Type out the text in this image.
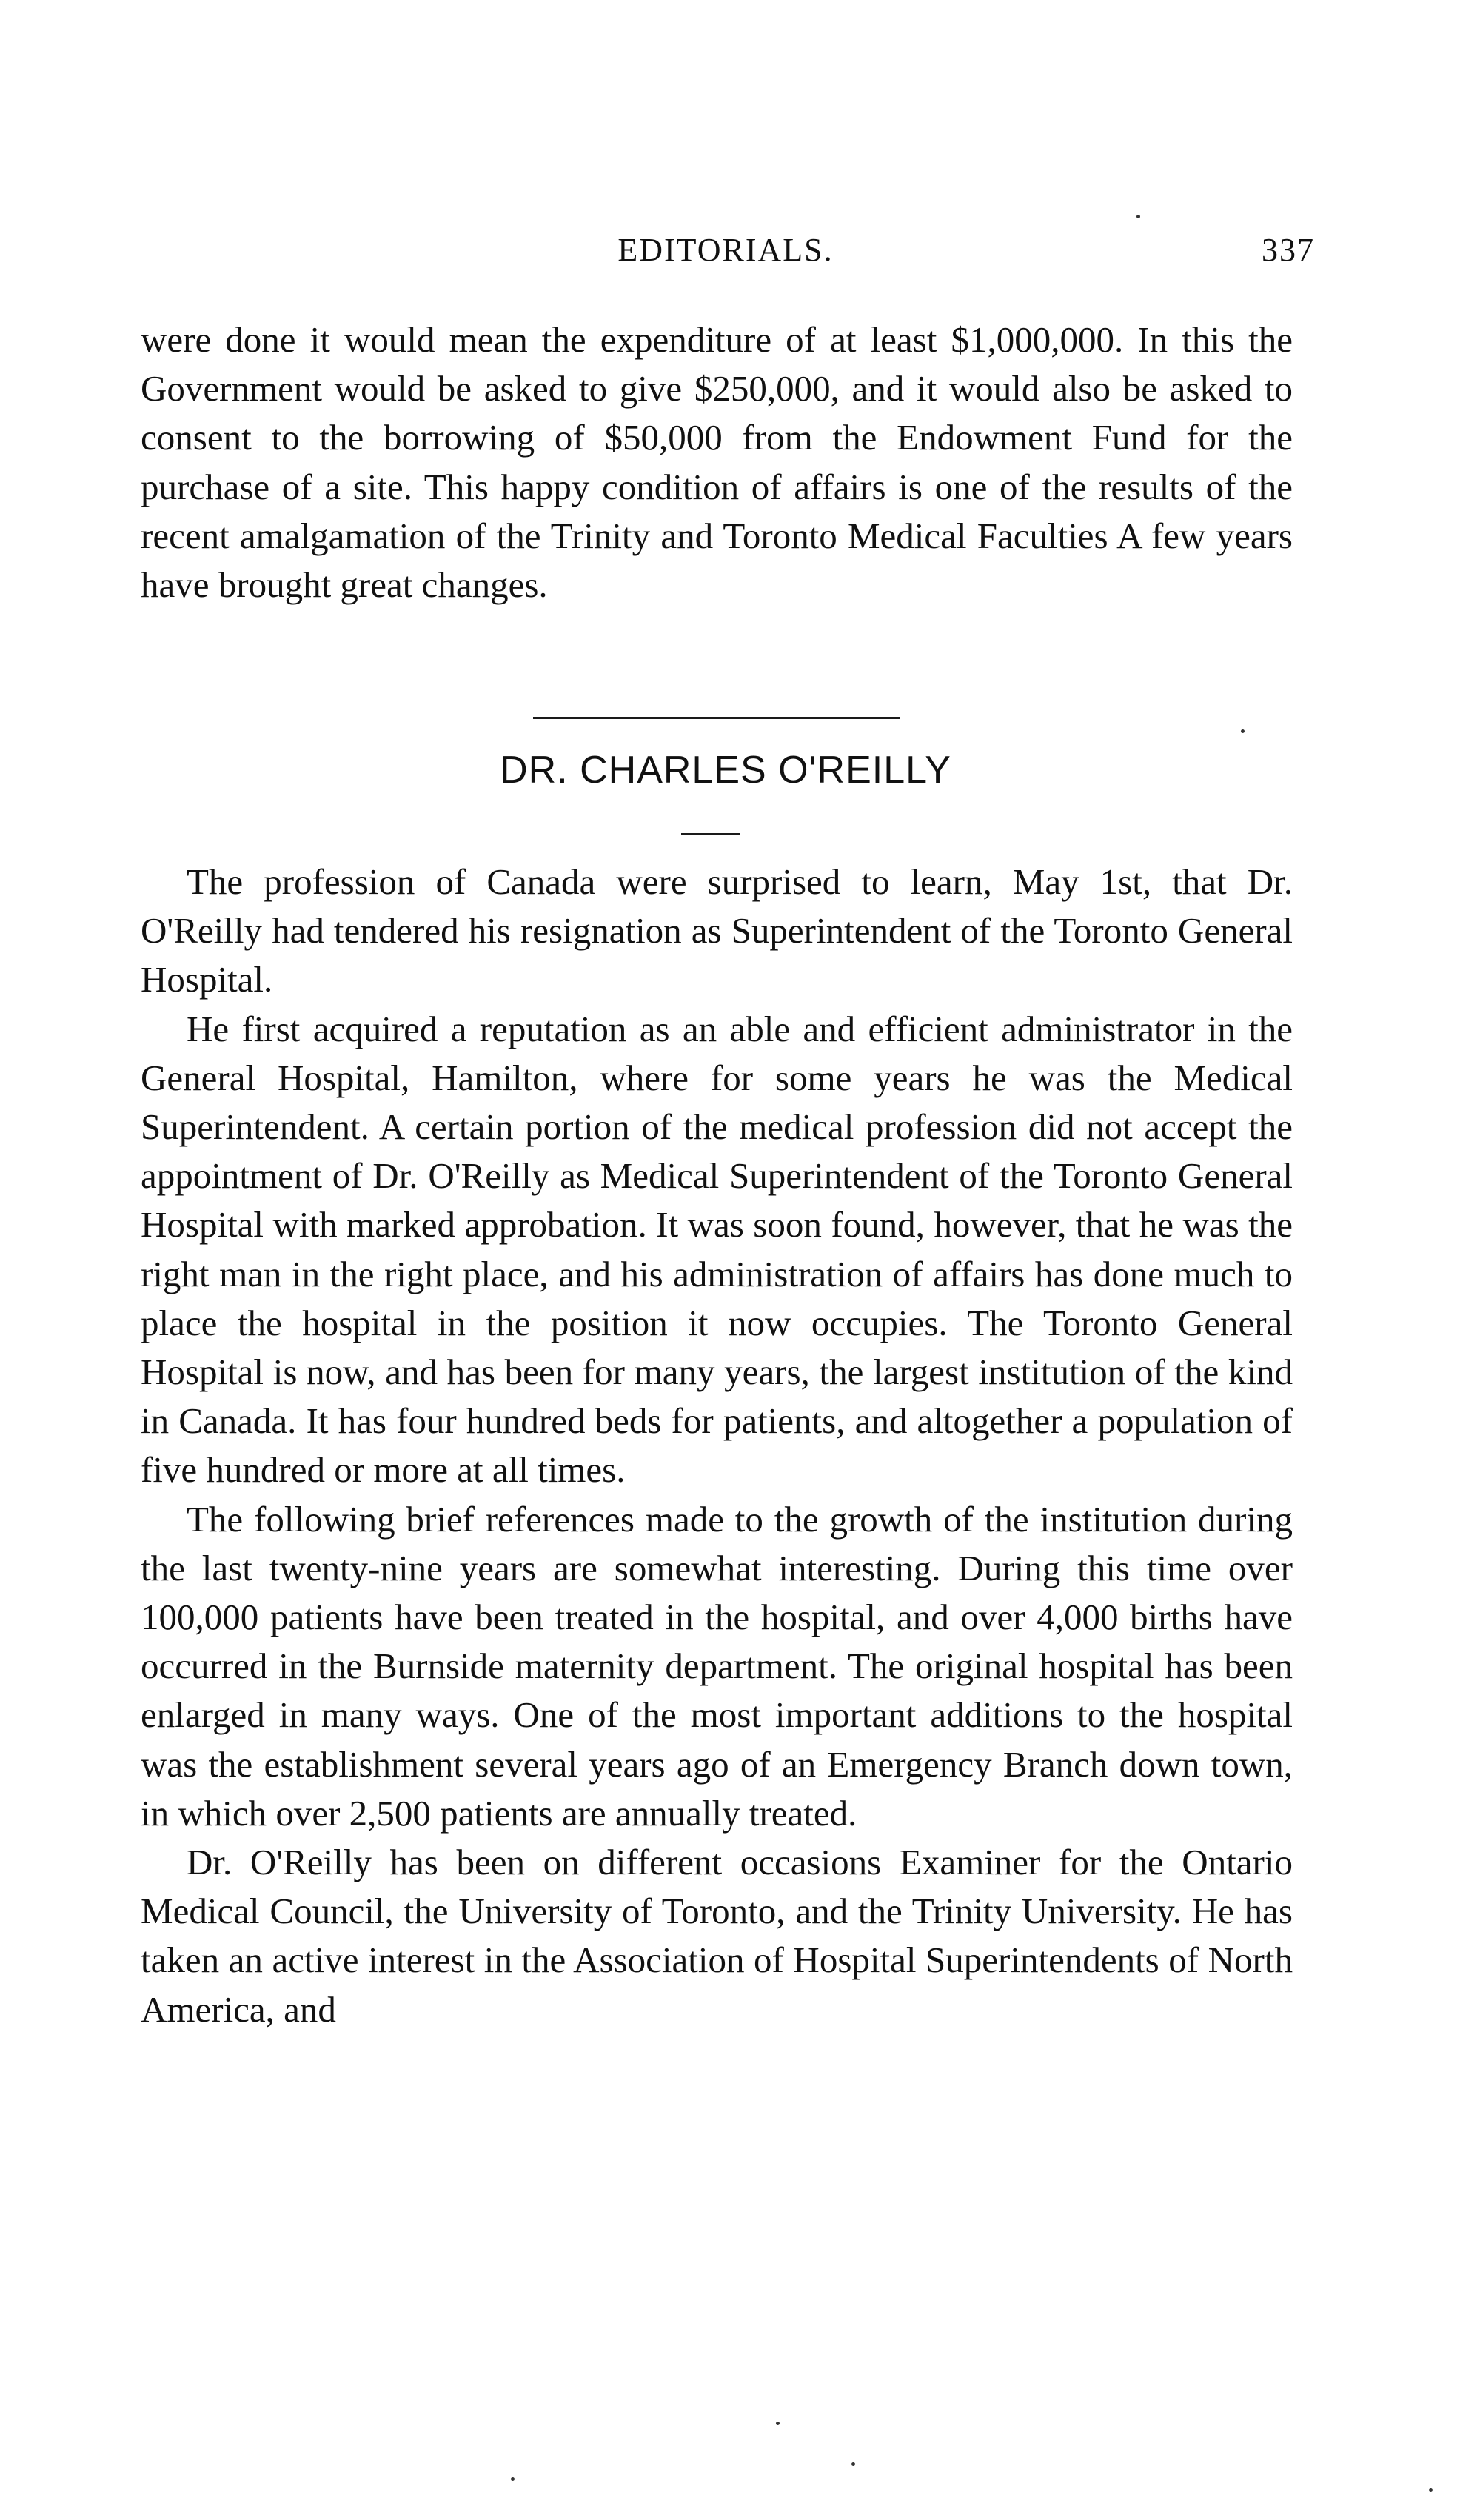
EDITORIALS.	337

were done it would mean the expenditure of at least $1,000,000. In this the Government would be asked to give $250,000, and it would also be asked to consent to the borrowing of $50,000 from the Endowment Fund for the purchase of a site. This happy condition of affairs is one of the results of the recent amalgamation of the Trinity and Toronto Medical Faculties A few years have brought great changes.

DR. CHARLES O'REILLY

The profession of Canada were surprised to learn, May 1st, that Dr. O'Reilly had tendered his resignation as Superintendent of the Toronto General Hospital.

He first acquired a reputation as an able and efficient administrator in the General Hospital, Hamilton, where for some years he was the Medical Superintendent. A certain portion of the medical profession did not accept the appointment of Dr. O'Reilly as Medical Superintendent of the Toronto General Hospital with marked approbation. It was soon found, however, that he was the right man in the right place, and his administration of affairs has done much to place the hospital in the position it now occupies. The Toronto General Hospital is now, and has been for many years, the largest institution of the kind in Canada. It has four hundred beds for patients, and altogether a population of five hundred or more at all times.

The following brief references made to the growth of the institution during the last twenty-nine years are somewhat interesting. During this time over 100,000 patients have been treated in the hospital, and over 4,000 births have occurred in the Burnside maternity department. The original hospital has been enlarged in many ways. One of the most important additions to the hospital was the establishment several years ago of an Emergency Branch down town, in which over 2,500 patients are annually treated.

Dr. O'Reilly has been on different occasions Examiner for the Ontario Medical Council, the University of Toronto, and the Trinity University. He has taken an active interest in the Association of Hospital Superintendents of North America, and
